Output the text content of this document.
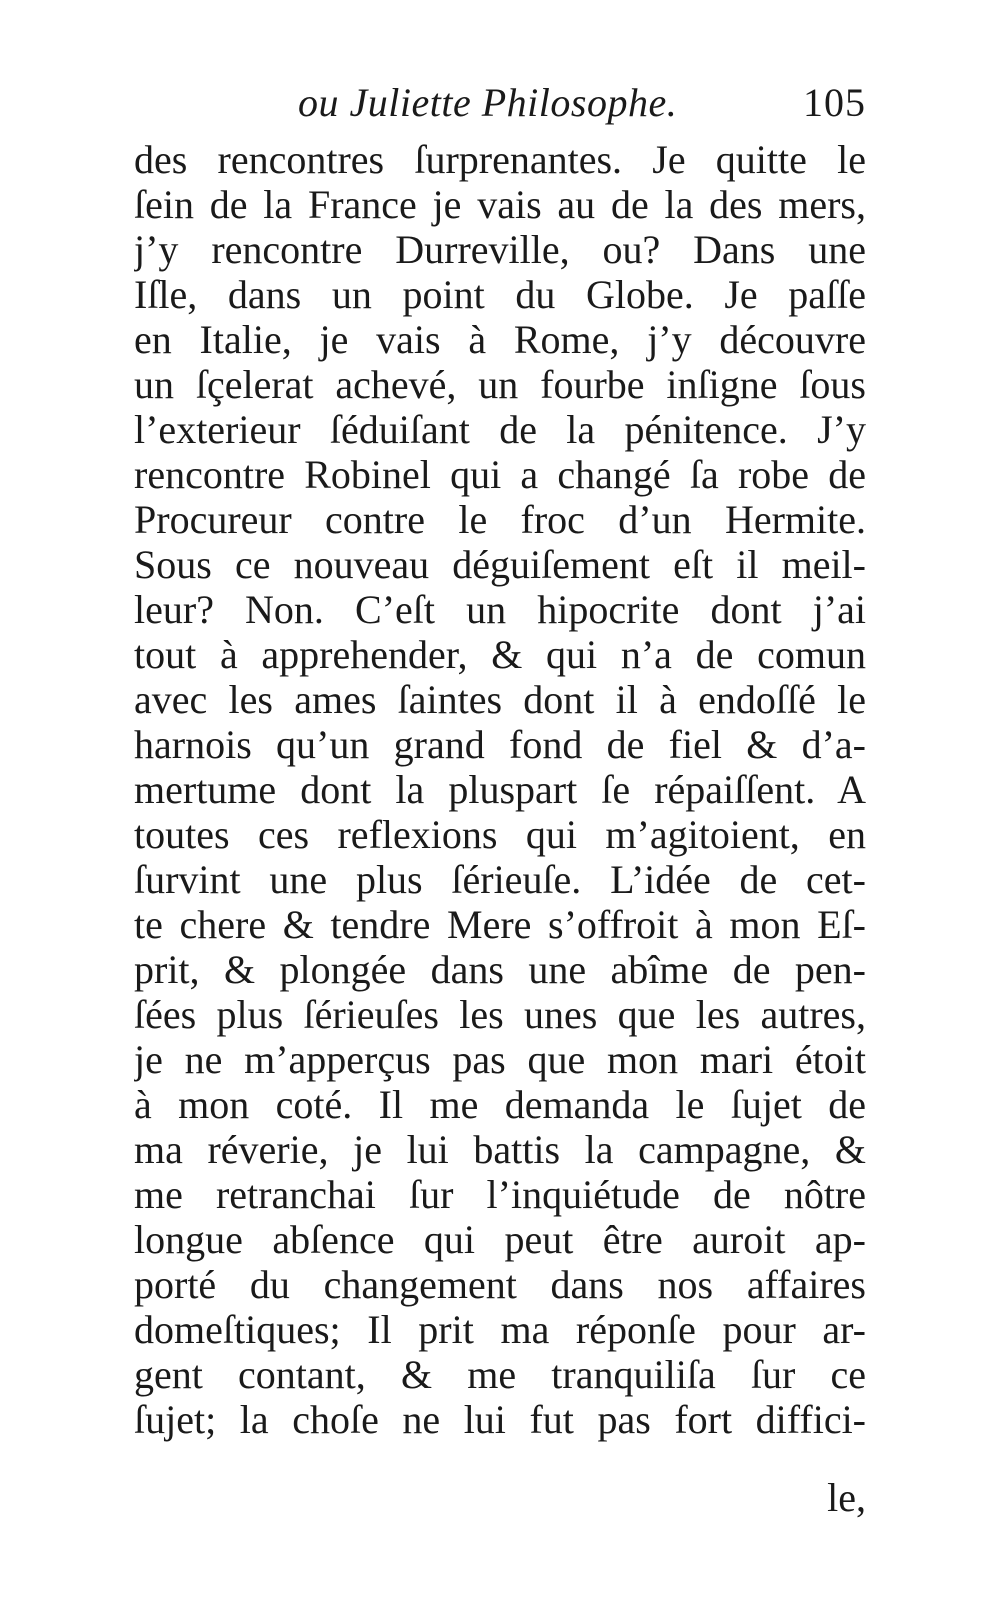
ou Juliette Philosophe.	105
des rencontres ſurprenantes. Je quitte le
ſein de la France je vais au de la des mers,
j’y rencontre Durreville, ou? Dans une
Iſle, dans un point du Globe. Je paſſe
en Italie, je vais à Rome, j’y découvre
un ſçelerat achevé, un fourbe inſigne ſous
l’exterieur ſéduiſant de la pénitence. J’y
rencontre Robinel qui a changé ſa robe de
Procureur contre le froc d’un Hermite.
Sous ce nouveau déguiſement eſt il meil-
leur? Non. C’eſt un hipocrite dont j’ai
tout à apprehender, & qui n’a de comun
avec les ames ſaintes dont il à endoſſé le
harnois qu’un grand fond de fiel & d’a-
mertume dont la pluspart ſe répaiſſent. A
toutes ces reflexions qui m’agitoient, en
ſurvint une plus ſérieuſe. L’idée de cet-
te chere & tendre Mere s’offroit à mon Eſ-
prit, & plongée dans une abîme de pen-
ſées plus ſérieuſes les unes que les autres,
je ne m’apperçus pas que mon mari étoit
à mon coté. Il me demanda le ſujet de
ma réverie, je lui battis la campagne, &
me retranchai ſur l’inquiétude de nôtre
longue abſence qui peut être auroit ap-
porté du changement dans nos affaires
domeſtiques; Il prit ma réponſe pour ar-
gent contant, & me tranquiliſa ſur ce
ſujet; la choſe ne lui fut pas fort diffici-
le,
